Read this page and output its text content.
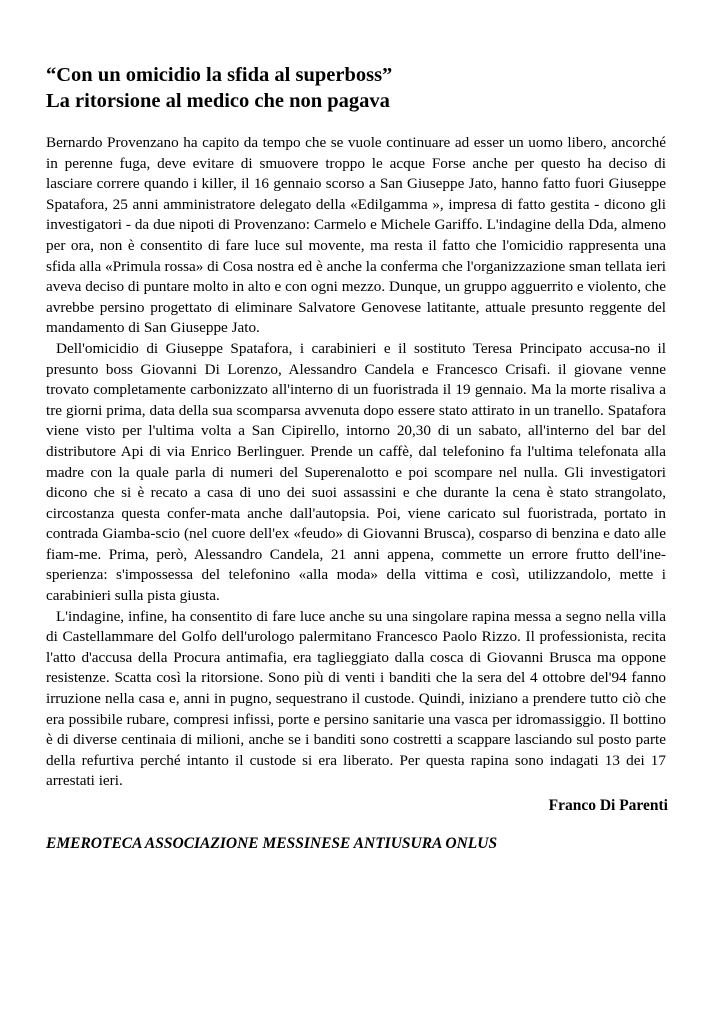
“Con un omicidio la sfida al superboss”
La ritorsione al medico che non pagava

Bernardo Provenzano ha capito da tempo che se vuole continuare ad esser un uomo libero, ancorché in perenne fuga, deve evitare di smuovere troppo le acque Forse anche per questo ha deciso di lasciare correre quando i killer, il 16 gennaio scorso a San Giuseppe Jato, hanno fatto fuori Giuseppe Spatafora, 25 anni amministratore delegato della «Edilgamma », impresa di fatto gestita - dicono gli investigatori - da due nipoti di Provenzano: Carmelo e Michele Gariffo. L'indagine della Dda, almeno per ora, non è consentito di fare luce sul movente, ma resta il fatto che l'omicidio rappresenta una sfida alla «Primula rossa» di Cosa nostra ed è anche la conferma che l'organizzazione sman tellata ieri aveva deciso di puntare molto in alto e con ogni mezzo. Dunque, un gruppo agguerrito e violento, che avrebbe persino progettato di eliminare Salvatore Genovese latitante, attuale presunto reggente del mandamento di San Giuseppe Jato.

Dell'omicidio di Giuseppe Spatafora, i carabinieri e il sostituto Teresa Principato accusa-no il presunto boss Giovanni Di Lorenzo, Alessandro Candela e Francesco Crisafi. il giovane venne trovato completamente carbonizzato all'interno di un fuoristrada il 19 gennaio. Ma la morte risaliva a tre giorni prima, data della sua scomparsa avvenuta dopo essere stato attirato in un tranello. Spatafora viene visto per l'ultima volta a San Cipirello, intorno 20,30 di un sabato, all'interno del bar del distributore Api di via Enrico Berlinguer. Prende un caffè, dal telefonino fa l'ultima telefonata alla madre con la quale parla di numeri del Superenalotto e poi scompare nel nulla. Gli investigatori dicono che si è recato a casa di uno dei suoi assassini e che durante la cena è stato strangolato, circostanza questa confer-mata anche dall'autopsia. Poi, viene caricato sul fuoristrada, portato in contrada Giamba-scio (nel cuore dell'ex «feudo» di Giovanni Brusca), cosparso di benzina e dato alle fiam-me. Prima, però, Alessandro Candela, 21 anni appena, commette un errore frutto dell'ine-sperienza: s'impossessa del telefonino «alla moda» della vittima e così, utilizzandolo, mette i carabinieri sulla pista giusta.

L'indagine, infine, ha consentito di fare luce anche su una singolare rapina messa a segno nella villa di Castellammare del Golfo dell'urologo palermitano Francesco Paolo Rizzo. Il professionista, recita l'atto d'accusa della Procura antimafia, era taglieggiato dalla cosca di Giovanni Brusca ma oppone resistenze. Scatta così la ritorsione. Sono più di venti i banditi che la sera del 4 ottobre del'94 fanno irruzione nella casa e, anni in pugno, sequestrano il custode. Quindi, iniziano a prendere tutto ciò che era possibile rubare, compresi infissi, porte e persino sanitarie una vasca per idromassiggio. Il bottino è di diverse centinaia di milioni, anche se i banditi sono costretti a scappare lasciando sul posto parte della refurtiva perché intanto il custode si era liberato. Per questa rapina sono indagati 13 dei 17 arrestati ieri.

Franco Di Parenti
EMEROTECA ASSOCIAZIONE MESSINESE ANTIUSURA ONLUS
